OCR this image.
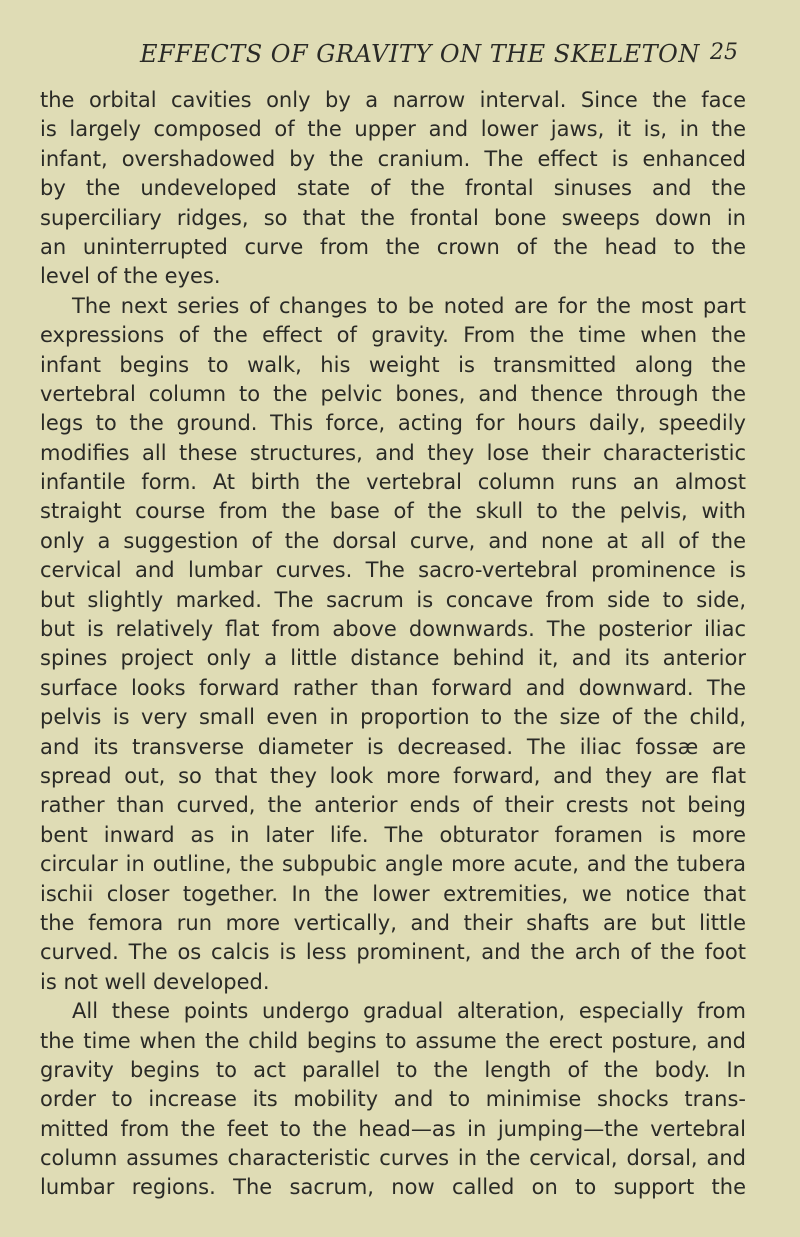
EFFECTS OF GRAVITY ON THE SKELETON 25
the orbital cavities only by a narrow interval. Since the face
is largely composed of the upper and lower jaws, it is, in the
infant, overshadowed by the cranium. The effect is enhanced
by the undeveloped state of the frontal sinuses and the
superciliary ridges, so that the frontal bone sweeps down in
an uninterrupted curve from the crown of the head to the
level of the eyes.
The next series of changes to be noted are for the most part
expressions of the effect of gravity. From the time when the
infant begins to walk, his weight is transmitted along the
vertebral column to the pelvic bones, and thence through the
legs to the ground. This force, acting for hours daily, speedily
modifies all these structures, and they lose their characteristic
infantile form. At birth the vertebral column runs an almost
straight course from the base of the skull to the pelvis, with
only a suggestion of the dorsal curve, and none at all of the
cervical and lumbar curves. The sacro-vertebral prominence is
but slightly marked. The sacrum is concave from side to side,
but is relatively flat from above downwards. The posterior iliac
spines project only a little distance behind it, and its anterior
surface looks forward rather than forward and downward. The
pelvis is very small even in proportion to the size of the child,
and its transverse diameter is decreased. The iliac fossæ are
spread out, so that they look more forward, and they are flat
rather than curved, the anterior ends of their crests not being
bent inward as in later life. The obturator foramen is more
circular in outline, the subpubic angle more acute, and the tubera
ischii closer together. In the lower extremities, we notice that
the femora run more vertically, and their shafts are but little
curved. The os calcis is less prominent, and the arch of the foot
is not well developed.
All these points undergo gradual alteration, especially from
the time when the child begins to assume the erect posture, and
gravity begins to act parallel to the length of the body. In
order to increase its mobility and to minimise shocks trans-
mitted from the feet to the head—as in jumping—the vertebral
column assumes characteristic curves in the cervical, dorsal, and
lumbar regions. The sacrum, now called on to support the
